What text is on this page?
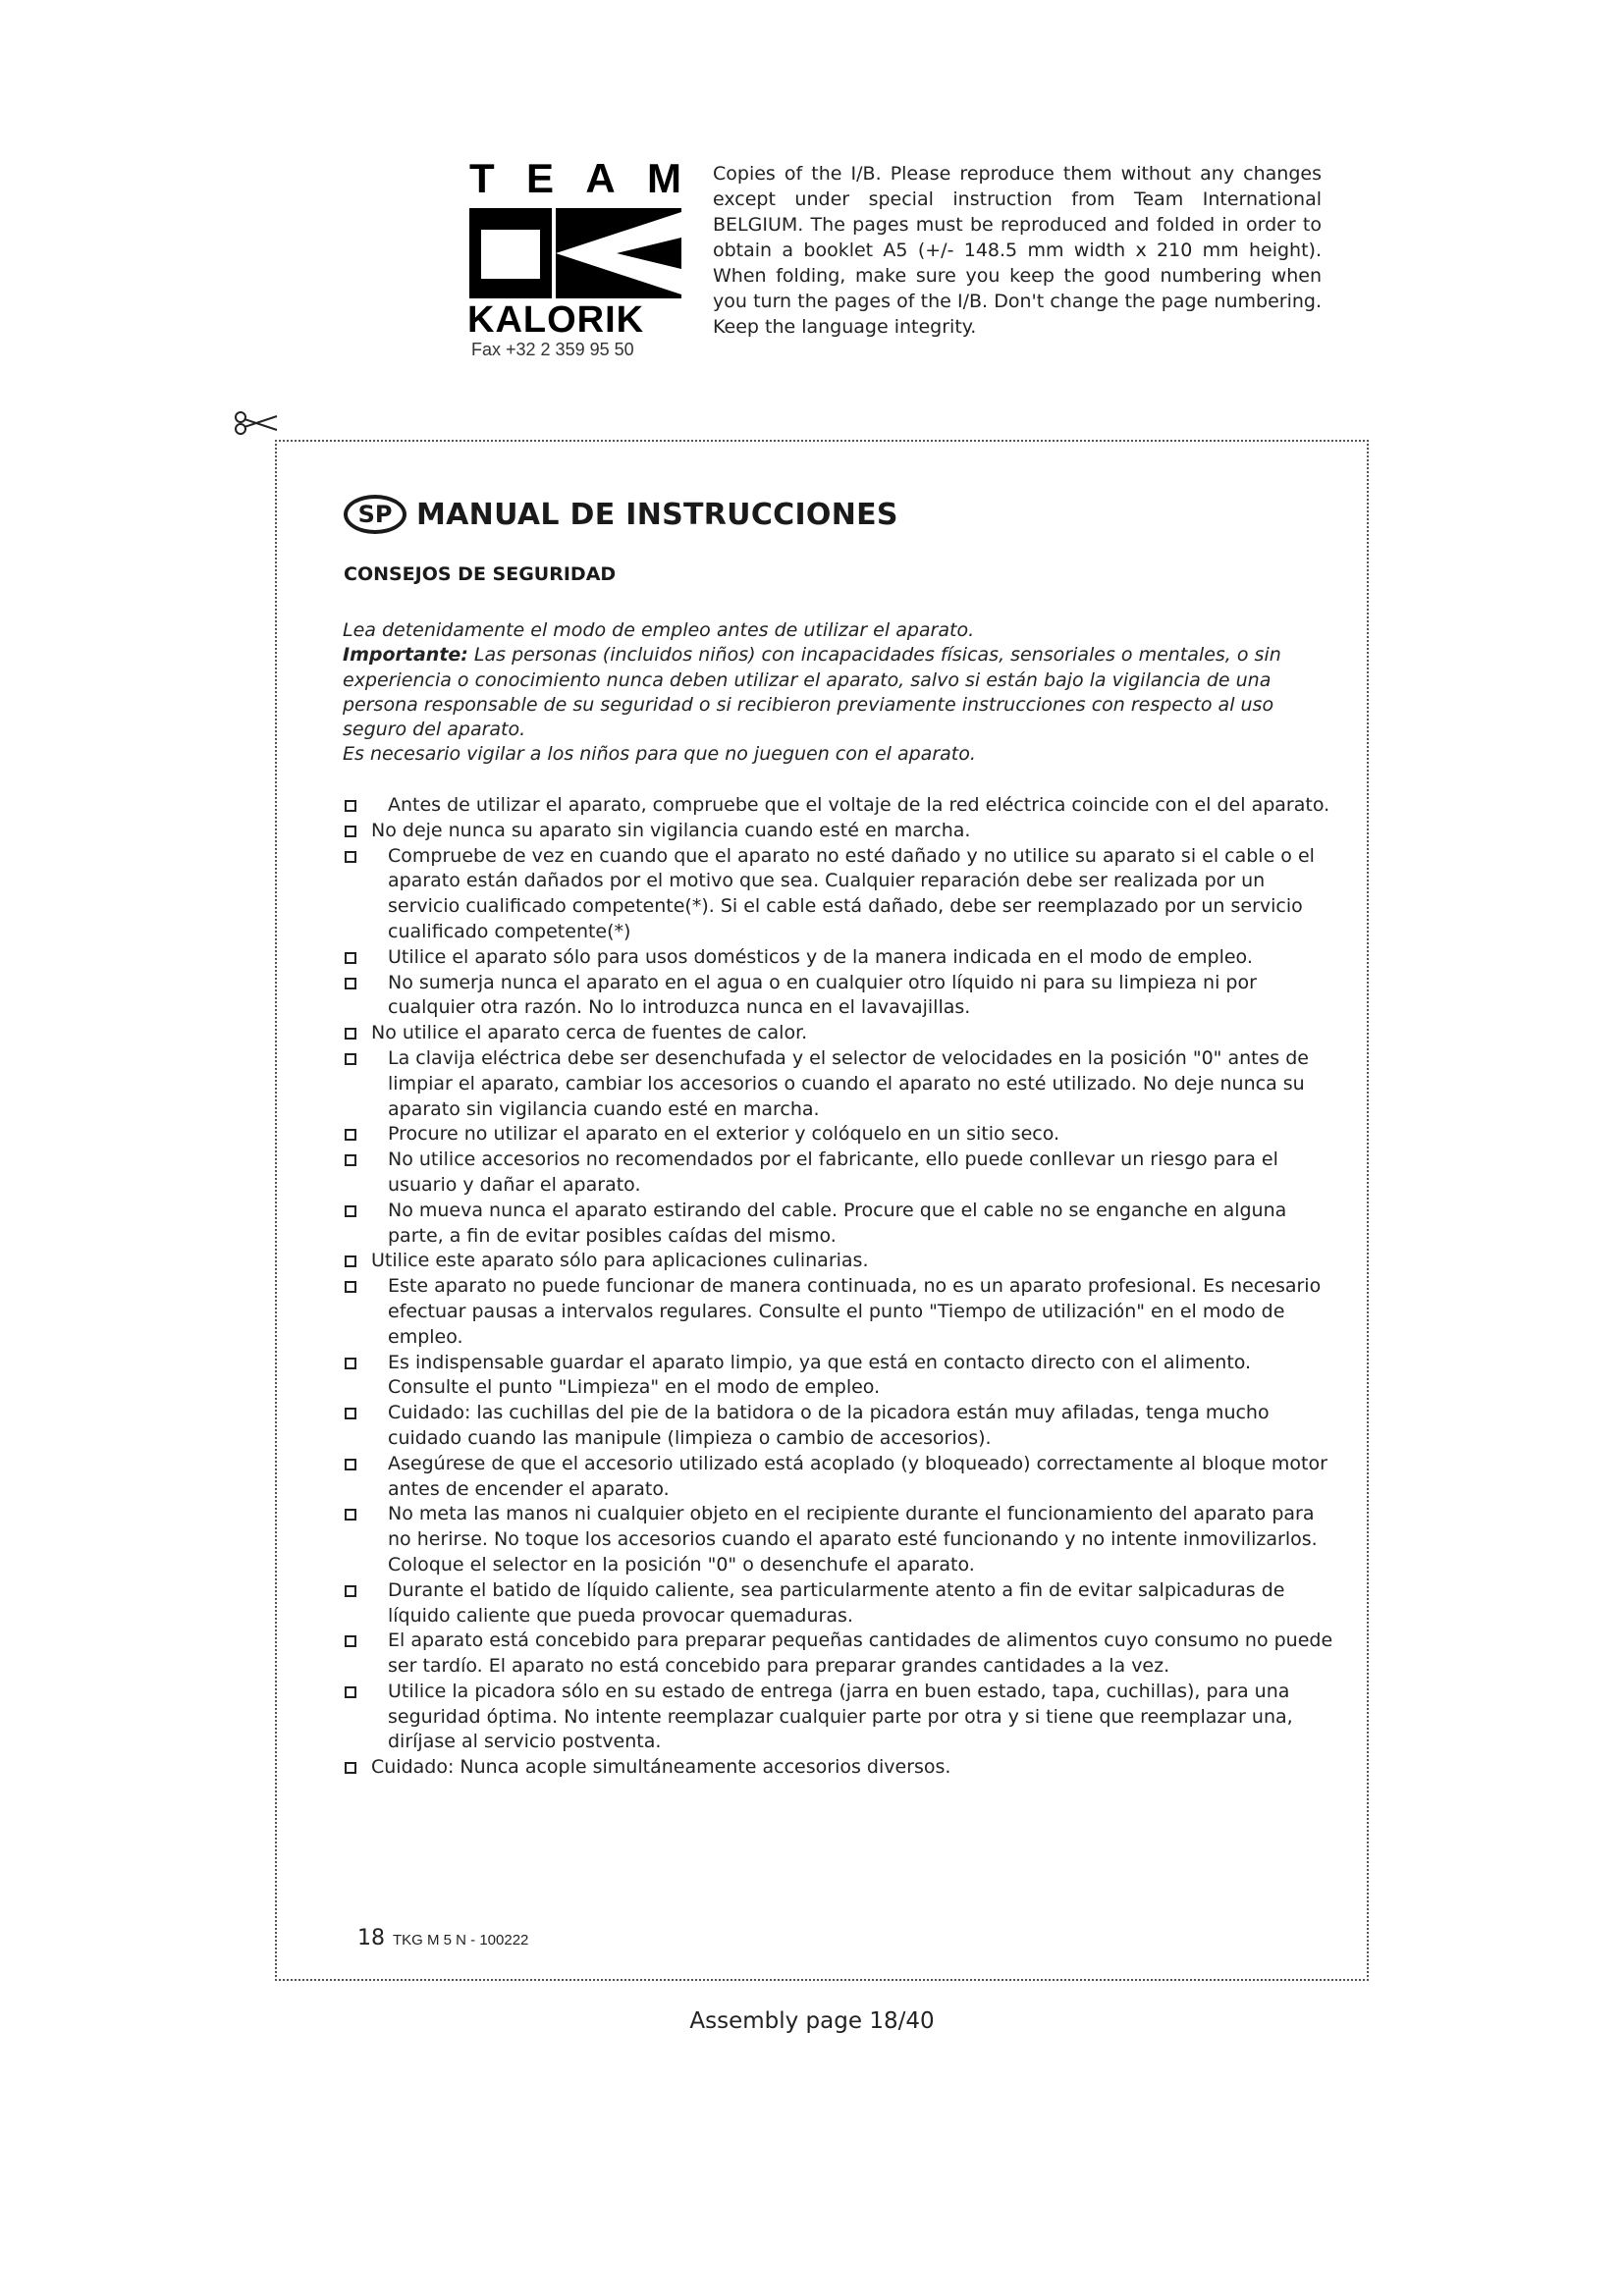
T E A M
KALORIK
Fax +32 2 359 95 50
Copies of the I/B. Please reproduce them without any changes except under special instruction from Team International BELGIUM. The pages must be reproduced and folded in order to obtain a booklet A5 (+/- 148.5 mm width x 210 mm height). When folding, make sure you keep the good numbering when you turn the pages of the I/B. Don't change the page numbering. Keep the language integrity.
SP MANUAL DE INSTRUCCIONES
CONSEJOS DE SEGURIDAD

Lea detenidamente el modo de empleo antes de utilizar el aparato.

Importante: Las personas (incluidos niños) con incapacidades físicas, sensoriales o mentales, o sin experiencia o conocimiento nunca deben utilizar el aparato, salvo si están bajo la vigilancia de una persona responsable de su seguridad o si recibieron previamente instrucciones con respecto al uso seguro del aparato.

Es necesario vigilar a los niños para que no jueguen con el aparato.

Antes de utilizar el aparato, compruebe que el voltaje de la red eléctrica coincide con el del aparato.
No deje nunca su aparato sin vigilancia cuando esté en marcha.
Compruebe de vez en cuando que el aparato no esté dañado y no utilice su aparato si el cable o el aparato están dañados por el motivo que sea. Cualquier reparación debe ser realizada por un servicio cualificado competente(*). Si el cable está dañado, debe ser reemplazado por un servicio cualificado competente(*)
Utilice el aparato sólo para usos domésticos y de la manera indicada en el modo de empleo.
No sumerja nunca el aparato en el agua o en cualquier otro líquido ni para su limpieza ni por cualquier otra razón. No lo introduzca nunca en el lavavajillas.
No utilice el aparato cerca de fuentes de calor.
La clavija eléctrica debe ser desenchufada y el selector de velocidades en la posición "0" antes de limpiar el aparato, cambiar los accesorios o cuando el aparato no esté utilizado. No deje nunca su aparato sin vigilancia cuando esté en marcha.
Procure no utilizar el aparato en el exterior y colóquelo en un sitio seco.
No utilice accesorios no recomendados por el fabricante, ello puede conllevar un riesgo para el usuario y dañar el aparato.
No mueva nunca el aparato estirando del cable. Procure que el cable no se enganche en alguna parte, a fin de evitar posibles caídas del mismo.
Utilice este aparato sólo para aplicaciones culinarias.
Este aparato no puede funcionar de manera continuada, no es un aparato profesional. Es necesario efectuar pausas a intervalos regulares. Consulte el punto "Tiempo de utilización" en el modo de empleo.
Es indispensable guardar el aparato limpio, ya que está en contacto directo con el alimento. Consulte el punto "Limpieza" en el modo de empleo.
Cuidado: las cuchillas del pie de la batidora o de la picadora están muy afiladas, tenga mucho cuidado cuando las manipule (limpieza o cambio de accesorios).
Asegúrese de que el accesorio utilizado está acoplado (y bloqueado) correctamente al bloque motor antes de encender el aparato.
No meta las manos ni cualquier objeto en el recipiente durante el funcionamiento del aparato para no herirse. No toque los accesorios cuando el aparato esté funcionando y no intente inmovilizarlos. Coloque el selector en la posición "0" o desenchufe el aparato.
Durante el batido de líquido caliente, sea particularmente atento a fin de evitar salpicaduras de líquido caliente que pueda provocar quemaduras.
El aparato está concebido para preparar pequeñas cantidades de alimentos cuyo consumo no puede ser tardío. El aparato no está concebido para preparar grandes cantidades a la vez.
Utilice la picadora sólo en su estado de entrega (jarra en buen estado, tapa, cuchillas), para una seguridad óptima. No intente reemplazar cualquier parte por otra y si tiene que reemplazar una, diríjase al servicio postventa.
Cuidado: Nunca acople simultáneamente accesorios diversos.
18 TKG M 5 N - 100222
Assembly page 18/40
